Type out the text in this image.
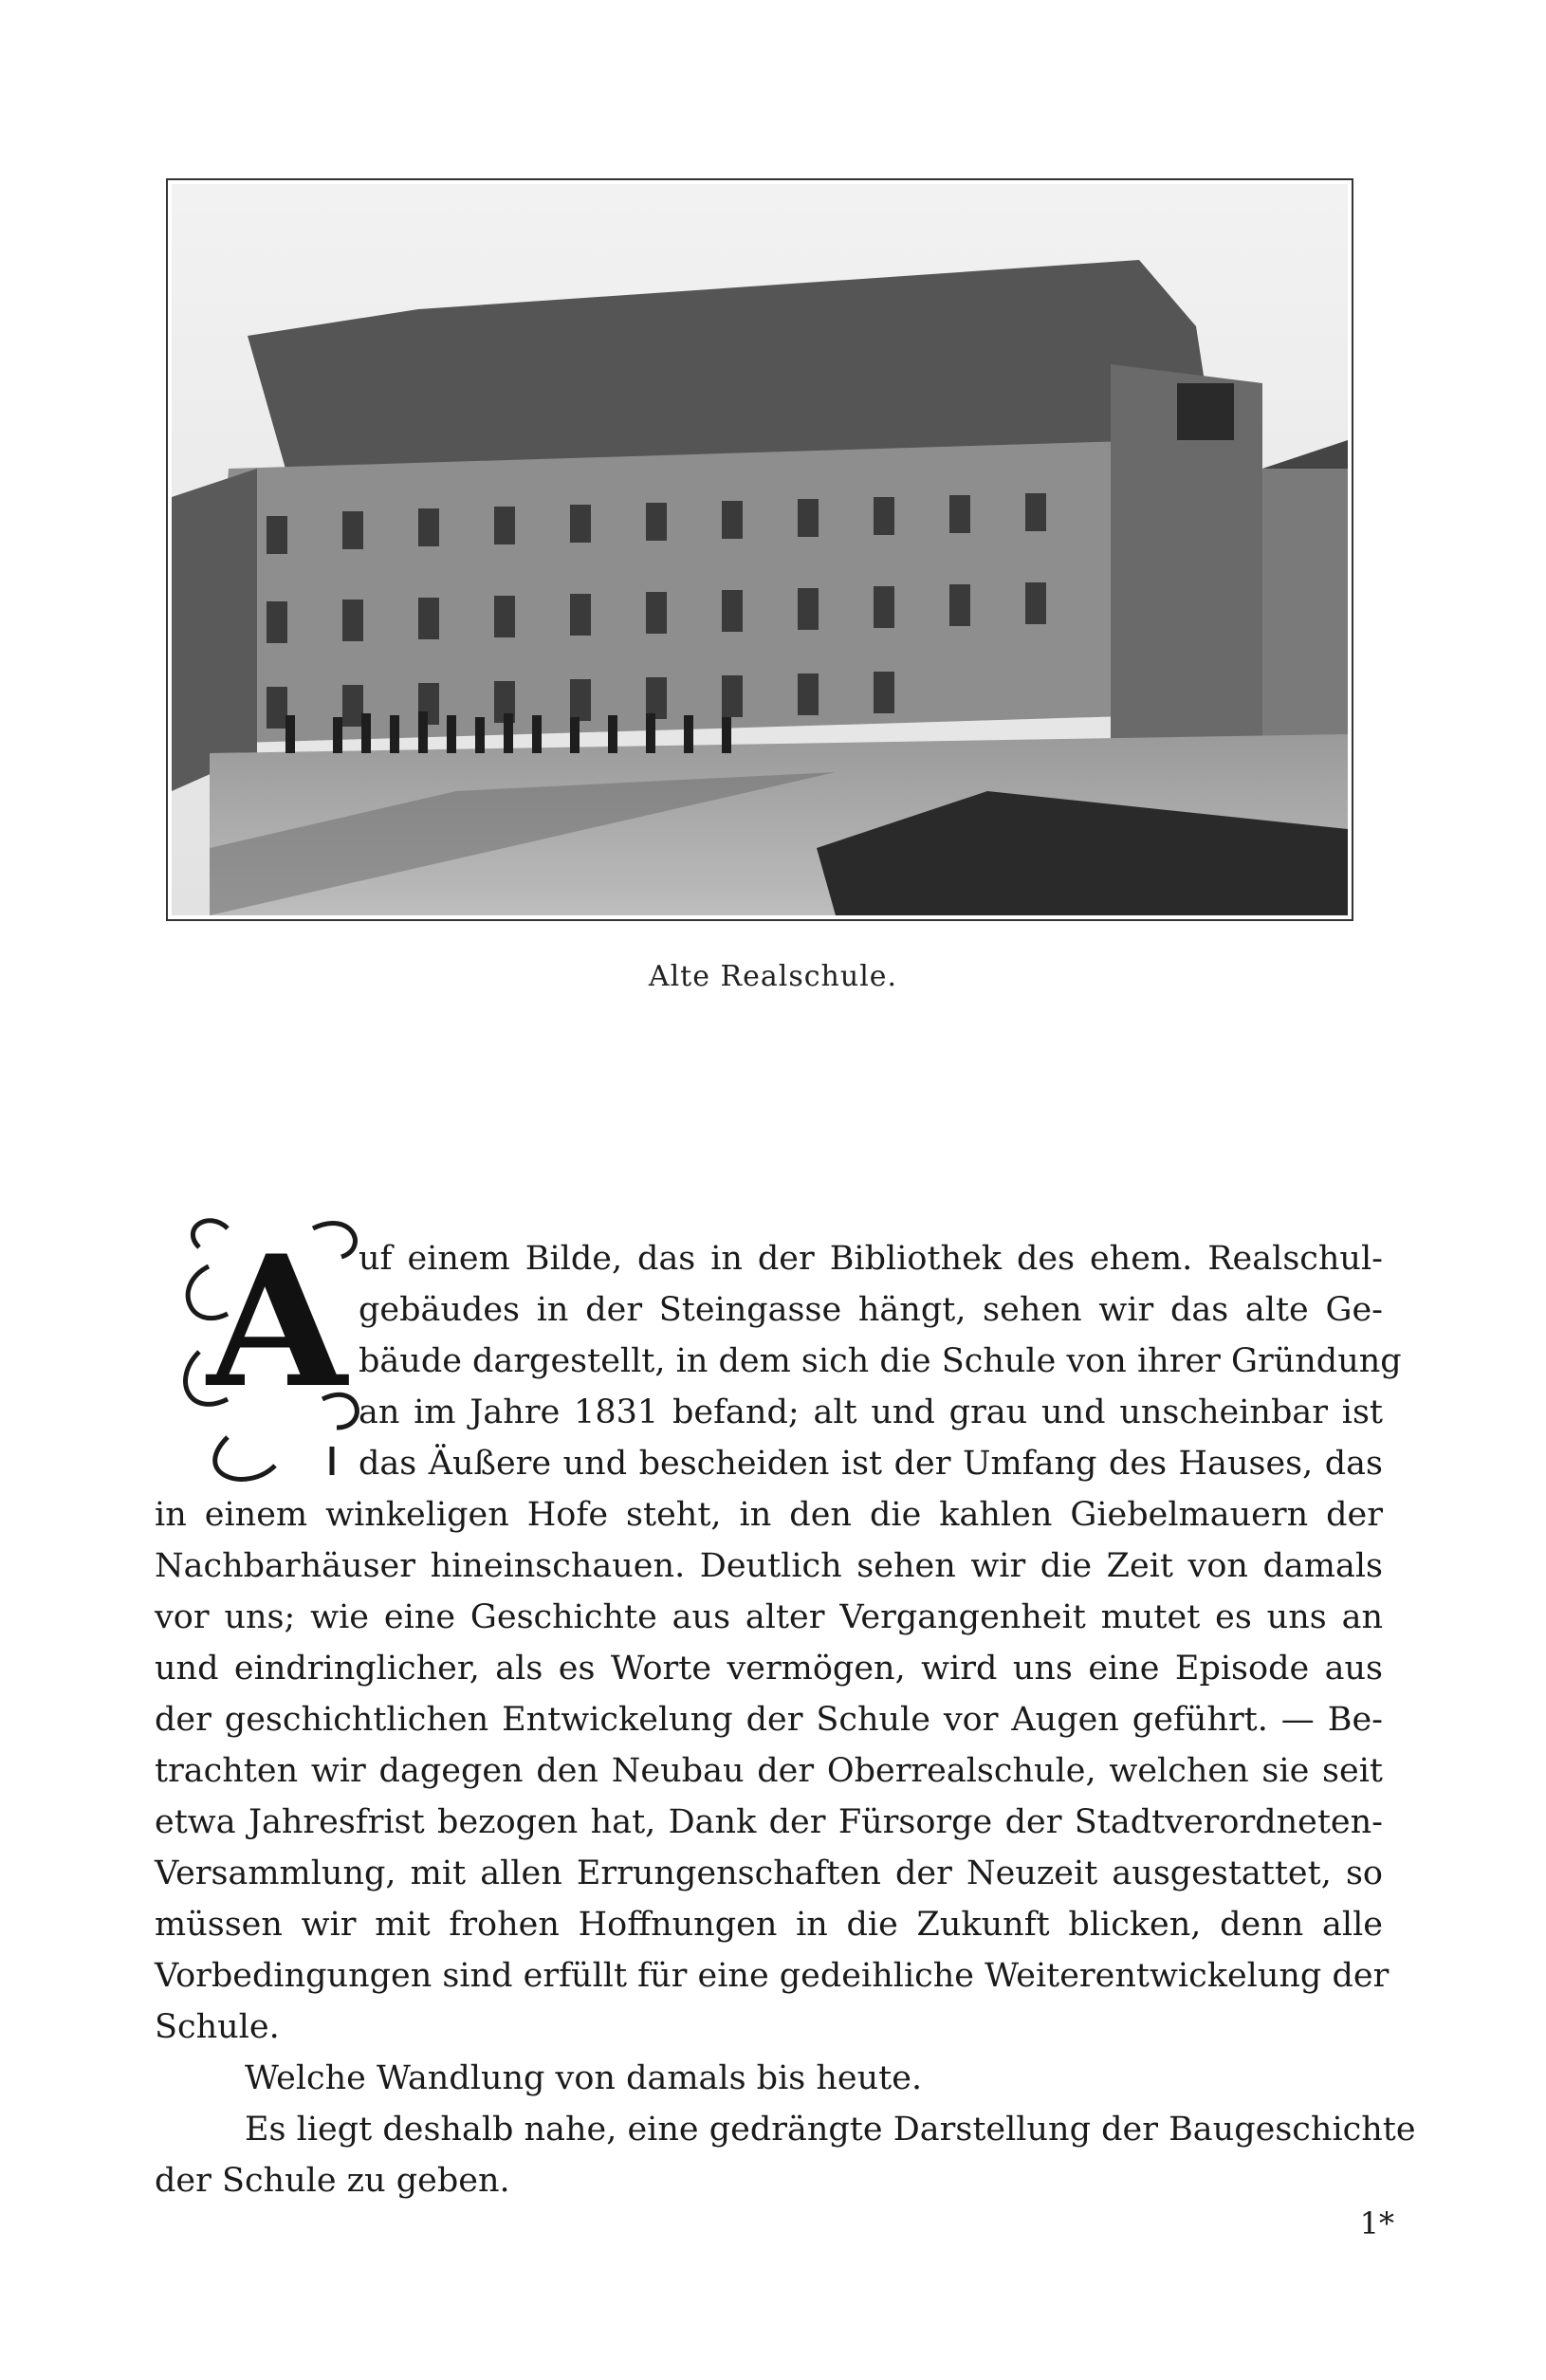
Alte Realschule.
A uf einem Bilde, das in der Bibliothek des ehem. Realschul-
gebäudes in der Steingasse hängt, sehen wir das alte Ge-
bäude dargestellt, in dem sich die Schule von ihrer Gründung
an im Jahre 1831 befand; alt und grau und unscheinbar ist
das Äußere und bescheiden ist der Umfang des Hauses, das
in einem winkeligen Hofe steht, in den die kahlen Giebelmauern der
Nachbarhäuser hineinschauen. Deutlich sehen wir die Zeit von damals
vor uns; wie eine Geschichte aus alter Vergangenheit mutet es uns an
und eindringlicher, als es Worte vermögen, wird uns eine Episode aus
der geschichtlichen Entwickelung der Schule vor Augen geführt. — Be-
trachten wir dagegen den Neubau der Oberrealschule, welchen sie seit
etwa Jahresfrist bezogen hat, Dank der Fürsorge der Stadtverordneten-
Versammlung, mit allen Errungenschaften der Neuzeit ausgestattet, so
müssen wir mit frohen Hoffnungen in die Zukunft blicken, denn alle
Vorbedingungen sind erfüllt für eine gedeihliche Weiterentwickelung der
Schule.
Welche Wandlung von damals bis heute.
Es liegt deshalb nahe, eine gedrängte Darstellung der Baugeschichte
der Schule zu geben.
1*
